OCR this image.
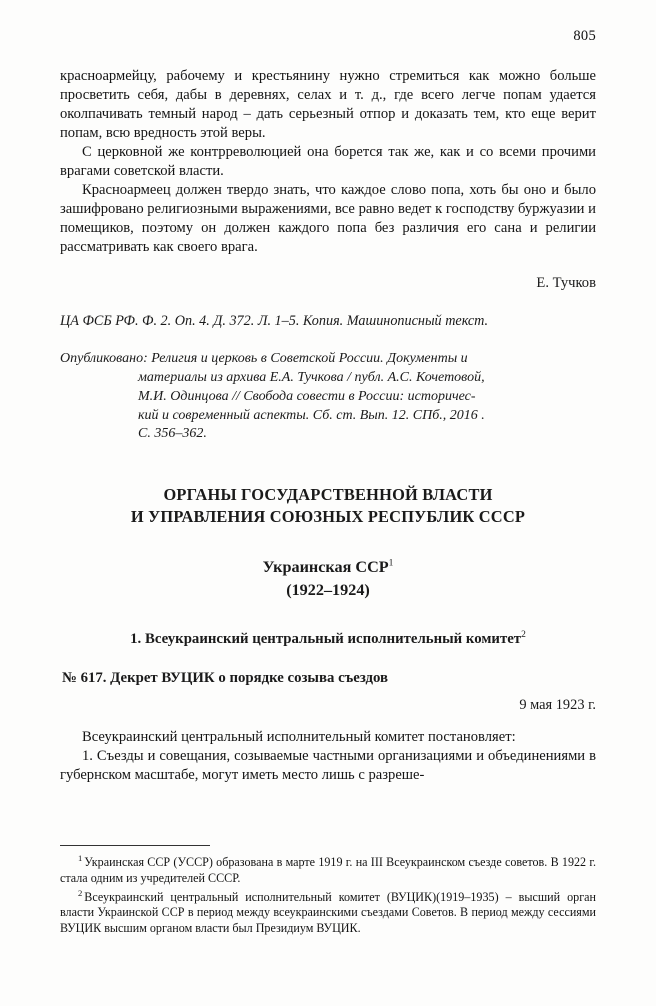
805

красноармейцу, рабочему и крестьянину нужно стремиться как можно больше просветить себя, дабы в деревнях, селах и т. д., где всего легче попам удается околпачивать темный народ – дать серьезный отпор и доказать тем, кто еще верит попам, всю вредность этой веры.

С церковной же контрреволюцией она борется так же, как и со всеми прочими врагами советской власти.

Красноармеец должен твердо знать, что каждое слово попа, хоть бы оно и было зашифровано религиозными выражениями, все равно ведет к господству буржуазии и помещиков, поэтому он должен каждого попа без различия его сана и религии рассматривать как своего врага.

Е. Тучков
ЦА ФСБ РФ. Ф. 2. Оп. 4. Д. 372. Л. 1–5. Копия. Машинописный текст.
Опубликовано: Религия и церковь в Советской России. Документы и
материалы из архива Е.А. Тучкова / публ. А.С. Кочетовой,
М.И. Одинцова // Свобода совести в России: историчес-
кий и современный аспекты. Сб. ст. Вып. 12. СПб., 2016 .
С. 356–362.
ОРГАНЫ ГОСУДАРСТВЕННОЙ ВЛАСТИ
И УПРАВЛЕНИЯ СОЮЗНЫХ РЕСПУБЛИК СССР
Украинская ССР$^1$
(1922–1924)
1. Всеукраинский центральный исполнительный комитет$^2$
№ 617. Декрет ВУЦИК о порядке созыва съездов
9 мая 1923 г.

Всеукраинский центральный исполнительный комитет постановляет:

1. Съезды и совещания, созываемые частными организациями и объединениями в губернском масштабе, могут иметь место лишь с разреше-

$^1$ Украинская ССР (УССР) образована в марте 1919 г. на III Всеукраинском съезде советов. В 1922 г. стала одним из учредителей СССР.

$^2$ Всеукраинский центральный исполнительный комитет (ВУЦИК)(1919–1935) – высший орган власти Украинской ССР в период между всеукраинскими съездами Советов. В период между сессиями ВУЦИК высшим органом власти был Президиум ВУЦИК.
